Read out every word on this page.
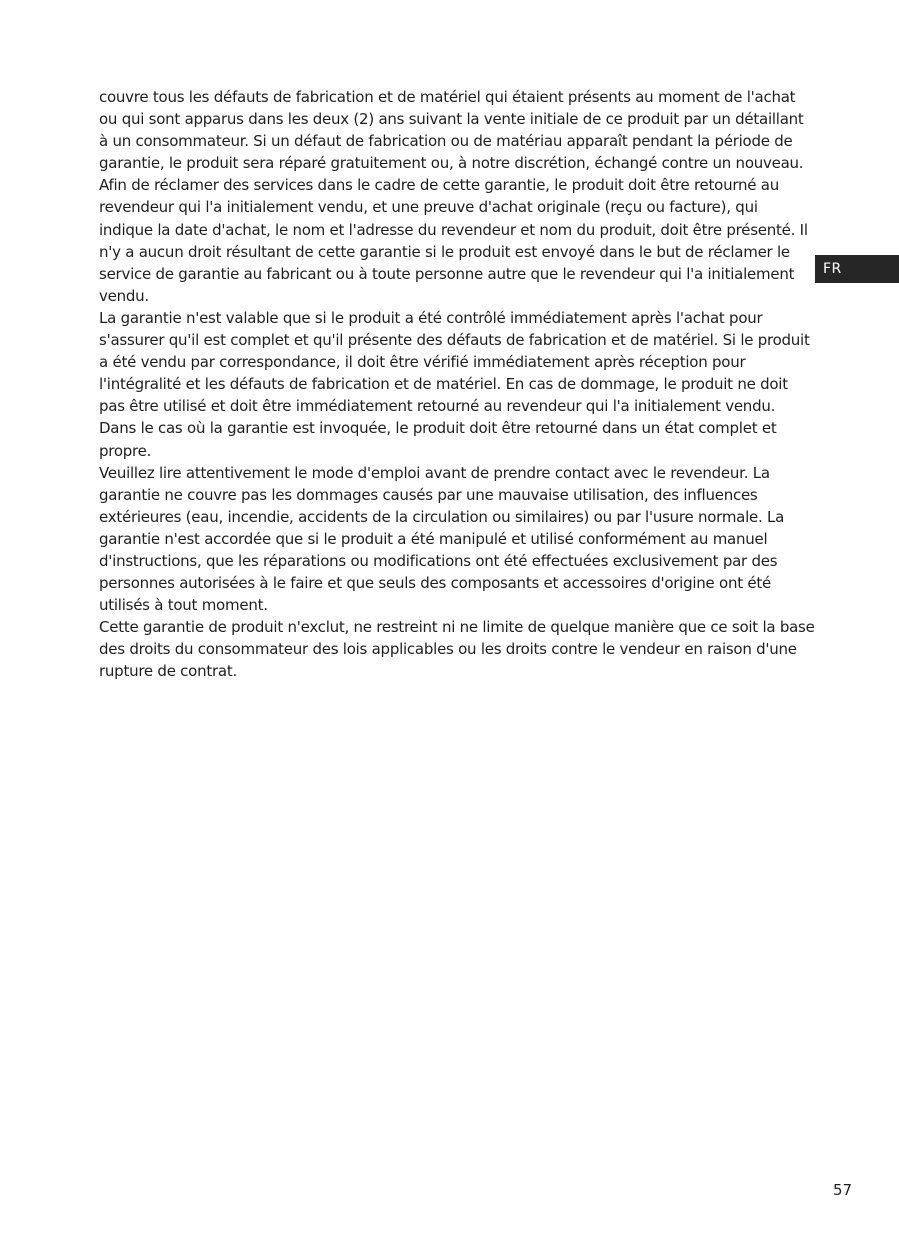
couvre tous les défauts de fabrication et de matériel qui étaient présents au moment de l'achat ou qui sont apparus dans les deux (2) ans suivant la vente initiale de ce produit par un détaillant à un consommateur. Si un défaut de fabrication ou de matériau apparaît pendant la période de garantie, le produit sera réparé gratuitement ou, à notre discrétion, échangé contre un nouveau.

Afin de réclamer des services dans le cadre de cette garantie, le produit doit être retourné au revendeur qui l'a initialement vendu, et une preuve d'achat originale (reçu ou facture), qui indique la date d'achat, le nom et l'adresse du revendeur et nom du produit, doit être présenté. Il n'y a aucun droit résultant de cette garantie si le produit est envoyé dans le but de réclamer le service de garantie au fabricant ou à toute personne autre que le revendeur qui l'a initialement vendu.

La garantie n'est valable que si le produit a été contrôlé immédiatement après l'achat pour s'assurer qu'il est complet et qu'il présente des défauts de fabrication et de matériel. Si le produit a été vendu par correspondance, il doit être vérifié immédiatement après réception pour l'intégralité et les défauts de fabrication et de matériel. En cas de dommage, le produit ne doit pas être utilisé et doit être immédiatement retourné au revendeur qui l'a initialement vendu. Dans le cas où la garantie est invoquée, le produit doit être retourné dans un état complet et propre.

Veuillez lire attentivement le mode d'emploi avant de prendre contact avec le revendeur. La garantie ne couvre pas les dommages causés par une mauvaise utilisation, des influences extérieures (eau, incendie, accidents de la circulation ou similaires) ou par l'usure normale. La garantie n'est accordée que si le produit a été manipulé et utilisé conformément au manuel d'instructions, que les réparations ou modifications ont été effectuées exclusivement par des personnes autorisées à le faire et que seuls des composants et accessoires d'origine ont été utilisés à tout moment.

Cette garantie de produit n'exclut, ne restreint ni ne limite de quelque manière que ce soit la base des droits du consommateur des lois applicables ou les droits contre le vendeur en raison d'une rupture de contrat.

FR
57
